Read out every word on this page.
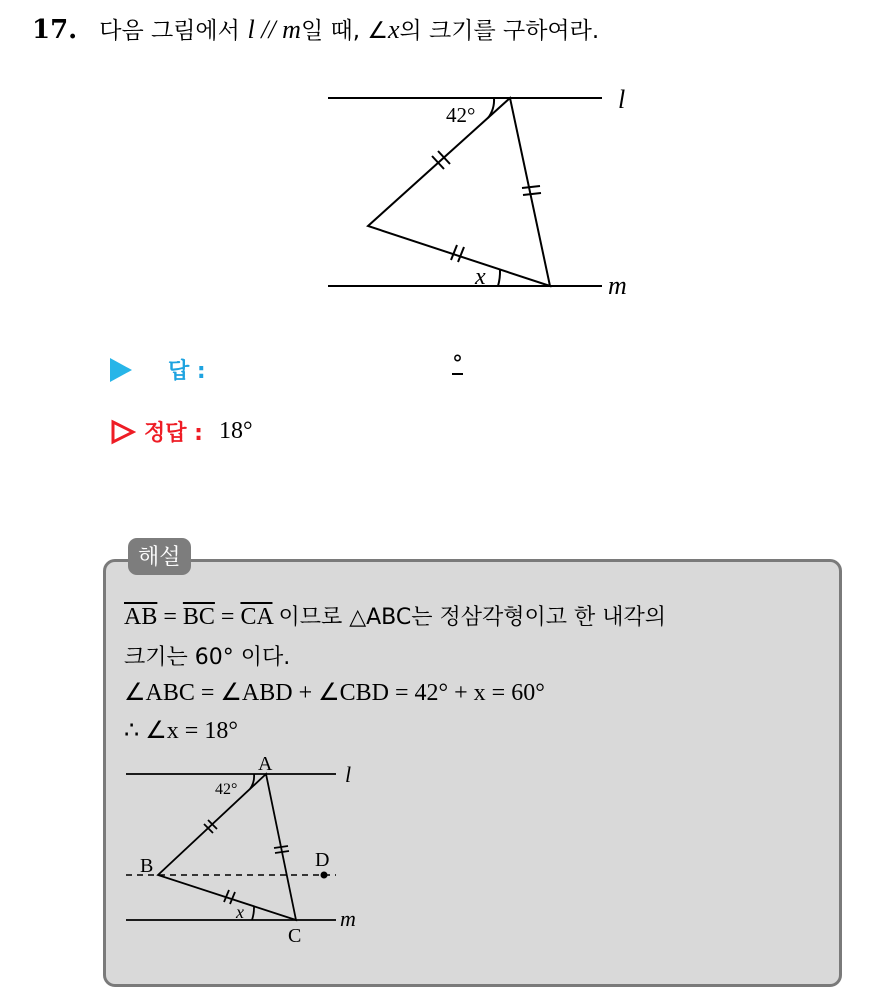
17. 다음 그림에서 l // m일 때, ∠x의 크기를 구하여라.
l
m
42°
x
답 :	°
정답 : 18°
해설
$\overline{AB} = \overline{BC} = \overline{CA}$ 이므로 △ABC는 정삼각형이고 한 내각의
크기는 60° 이다.
∠ABC = ∠ABD + ∠CBD = 42° + x = 60°
∴ ∠x = 18°
l
m
A
B
C
D
42°
x
